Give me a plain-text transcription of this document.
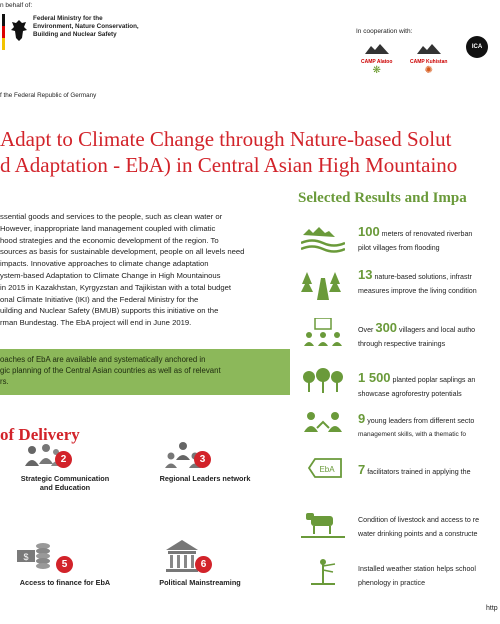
n behalf of:
Federal Ministry for the
Environment, Nature Conservation,
Building and Nuclear Safety
f the Federal Republic of Germany
In cooperation with:
CAMP Alatoo
❋
CAMP Kuhistan
✺
ICA
Adapt to Climate Change through Nature-based Solut
d Adaptation - EbA) in Central Asian High Mountaino
ssential goods and services to the people, such as clean water or
However, inappropriate land management coupled with climatic
hood strategies and the economic development of the region. To
sources as basis for sustainable development, people on all levels need
impacts. Innovative approaches to climate change adaptation
ystem-based Adaptation to Climate Change in High Mountainous
in 2015 in Kazakhstan, Kyrgyzstan and Tajikistan with a total budget
onal Climate Initiative (IKI) and the Federal Ministry for the
uilding and Nuclear Safety (BMUB) supports this initiative on the
rman Bundestag. The EbA project will end in June 2019.
oaches of EbA are available and systematically anchored in
gic planning of the Central Asian countries as well as of relevant
rs.
of Delivery
2
Strategic Communication
and Education
3
Regional Leaders network
$
5
Access to finance for EbA
6
Political Mainstreaming
Selected Results and Impa
100 meters of renovated riverban
pilot villages from flooding
13 nature-based solutions, infrastr
measures improve the living condition
Over 300 villagers and local autho
through respective trainings
1 500 planted poplar saplings an
showcase agroforestry potentials
9 young leaders from different secto
management skills, with a thematic fo
EbA 7 facilitators trained in applying the
Condition of livestock and access to re
water drinking points and a constructe
Installed weather station helps school
phenology in practice
http
